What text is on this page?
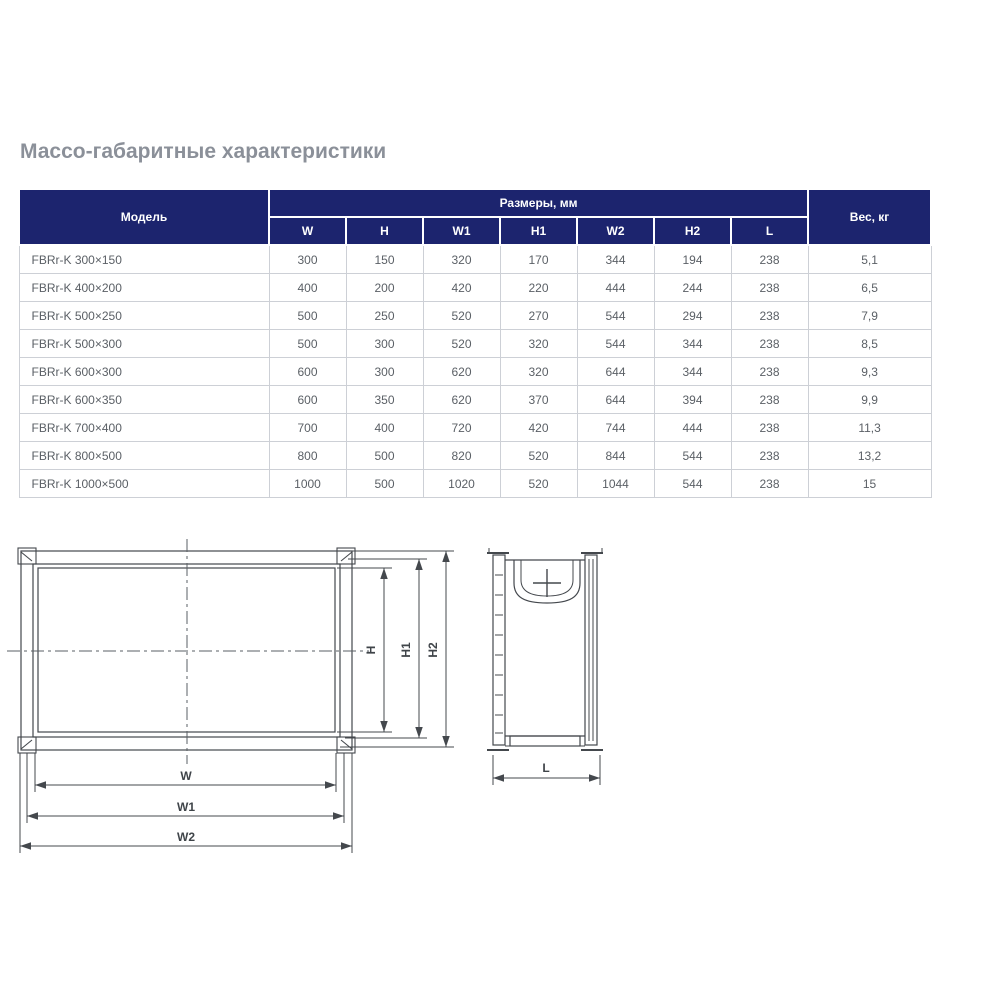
Массо-габаритные характеристики
Модель	Размеры, мм							Вес, кг
	W	H	W1	H1	W2	H2	L	
FBRr-K 300×150	300	150	320	170	344	194	238	5,1
FBRr-K 400×200	400	200	420	220	444	244	238	6,5
FBRr-K 500×250	500	250	520	270	544	294	238	7,9
FBRr-K 500×300	500	300	520	320	544	344	238	8,5
FBRr-K 600×300	600	300	620	320	644	344	238	9,3
FBRr-K 600×350	600	350	620	370	644	394	238	9,9
FBRr-K 700×400	700	400	720	420	744	444	238	11,3
FBRr-K 800×500	800	500	820	520	844	544	238	13,2
FBRr-K 1000×500	1000	500	1020	520	1044	544	238	15
H H1 H2
W
W1
W2
L
